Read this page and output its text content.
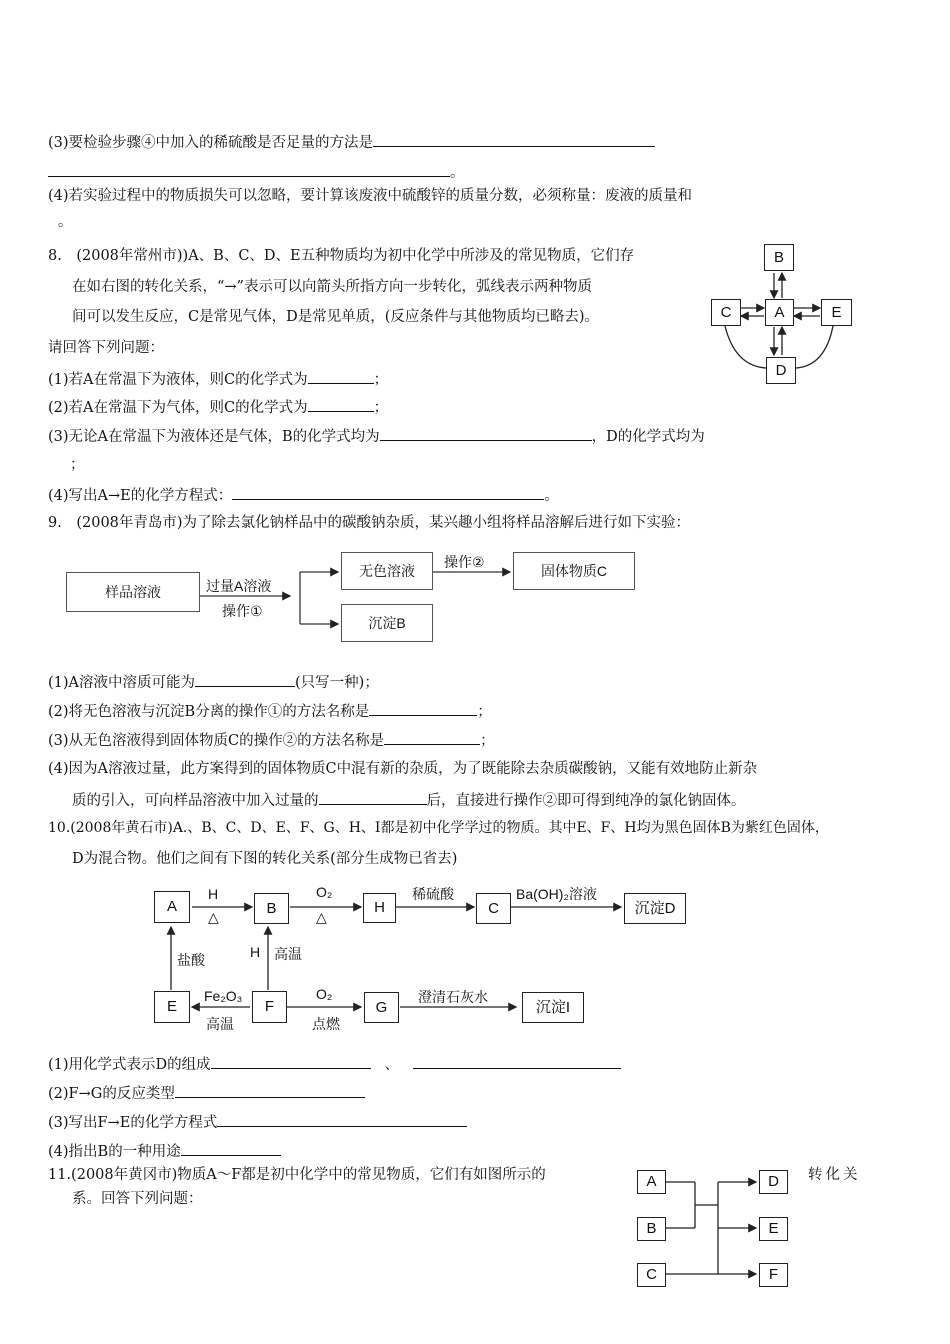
(3)要检验步骤④中加入的稀硫酸是否足量的方法是
。
(4)若实验过程中的物质损失可以忽略，要计算该废液中硫酸锌的质量分数，必须称量：废液的质量和
。
8.　(2008年常州市))A、B、C、D、E五种物质均为初中化学中所涉及的常见物质，它们存
在如右图的转化关系，“→”表示可以向箭头所指方向一步转化，弧线表示两种物质
间可以发生反应，C是常见气体，D是常见单质，(反应条件与其他物质均已略去)。
请回答下列问题：
(1)若A在常温下为液体，则C的化学式为	；
(2)若A在常温下为气体，则C的化学式为	；
(3)无论A在常温下为液体还是气体，B的化学式均为	，D的化学式均为
；
(4)写出A→E的化学方程式：	。
B
C	A	E
D
9.　(2008年青岛市)为了除去氯化钠样品中的碳酸钠杂质，某兴趣小组将样品溶解后进行如下实验：
样品溶液	过量A溶液
操作①
无色溶液
操作②
固体物质C
沉淀B
(1)A溶液中溶质可能为	(只写一种)；
(2)将无色溶液与沉淀B分离的操作①的方法名称是	；
(3)从无色溶液得到固体物质C的操作②的方法名称是	；
(4)因为A溶液过量，此方案得到的固体物质C中混有新的杂质，为了既能除去杂质碳酸钠，又能有效地防止新杂
质的引入，可向样品溶液中加入过量的	后，直接进行操作②即可得到纯净的氯化钠固体。
10.(2008年黄石市)A.、B、C、D、E、F、G、H、I都是初中化学学过的物质。其中E、F、H均为黑色固体B为紫红色固体，
D为混合物。他们之间有下图的转化关系(部分生成物已省去)
A
H
△	B
O₂
△
H
稀硫酸
C
Ba(OH)₂溶液
沉淀D
盐酸	H 高温
E
Fe₂O₃
高温
F
O₂
点燃
G
澄清石灰水
沉淀I
(1)用化学式表示D的组成	、
(2)F→G的反应类型
(3)写出F→E的化学方程式
(4)指出B的一种用途
11.(2008年黄冈市)物质A～F都是初中化学中的常见物质，它们有如图所示的	转化关
系。回答下列问题：
A
B
C
D
E
F
